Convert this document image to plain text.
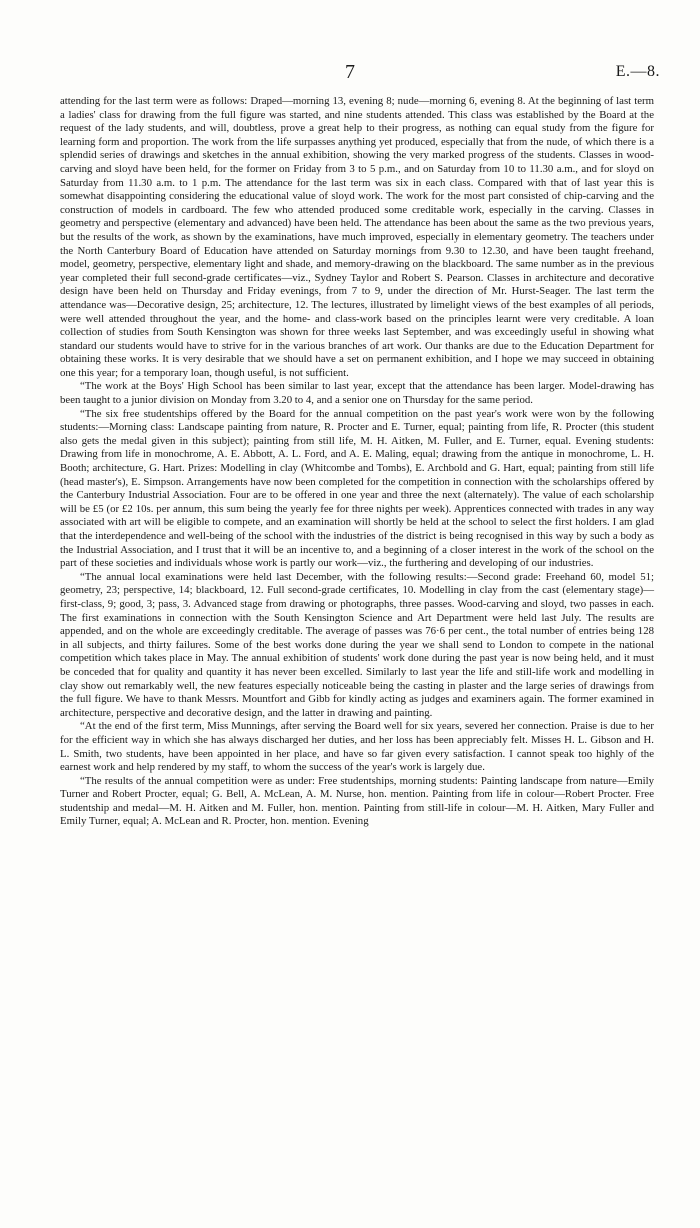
7	E.—8.

attending for the last term were as follows: Draped—morning 13, evening 8; nude—morning 6, evening 8. At the beginning of last term a ladies' class for drawing from the full figure was started, and nine students attended. This class was established by the Board at the request of the lady students, and will, doubtless, prove a great help to their progress, as nothing can equal study from the figure for learning form and proportion. The work from the life surpasses anything yet produced, especially that from the nude, of which there is a splendid series of drawings and sketches in the annual exhibition, showing the very marked progress of the students. Classes in wood-carving and sloyd have been held, for the former on Friday from 3 to 5 p.m., and on Saturday from 10 to 11.30 a.m., and for sloyd on Saturday from 11.30 a.m. to 1 p.m. The attendance for the last term was six in each class. Compared with that of last year this is somewhat disappointing considering the educational value of sloyd work. The work for the most part consisted of chip-carving and the construction of models in cardboard. The few who attended produced some creditable work, especially in the carving. Classes in geometry and perspective (elementary and advanced) have been held. The attendance has been about the same as the two previous years, but the results of the work, as shown by the examinations, have much improved, especially in elementary geometry. The teachers under the North Canterbury Board of Education have attended on Saturday mornings from 9.30 to 12.30, and have been taught freehand, model, geometry, perspective, elementary light and shade, and memory-drawing on the blackboard. The same number as in the previous year completed their full second-grade certificates—viz., Sydney Taylor and Robert S. Pearson. Classes in architecture and decorative design have been held on Thursday and Friday evenings, from 7 to 9, under the direction of Mr. Hurst-Seager. The last term the attendance was—Decorative design, 25; architecture, 12. The lectures, illustrated by limelight views of the best examples of all periods, were well attended throughout the year, and the home- and class-work based on the principles learnt were very creditable. A loan collection of studies from South Kensington was shown for three weeks last September, and was exceedingly useful in showing what standard our students would have to strive for in the various branches of art work. Our thanks are due to the Education Department for obtaining these works. It is very desirable that we should have a set on permanent exhibition, and I hope we may succeed in obtaining one this year; for a temporary loan, though useful, is not sufficient.

“The work at the Boys' High School has been similar to last year, except that the attendance has been larger. Model-drawing has been taught to a junior division on Monday from 3.20 to 4, and a senior one on Thursday for the same period.

“The six free studentships offered by the Board for the annual competition on the past year's work were won by the following students:—Morning class: Landscape painting from nature, R. Procter and E. Turner, equal; painting from life, R. Procter (this student also gets the medal given in this subject); painting from still life, M. H. Aitken, M. Fuller, and E. Turner, equal. Evening students: Drawing from life in monochrome, A. E. Abbott, A. L. Ford, and A. E. Maling, equal; drawing from the antique in monochrome, L. H. Booth; architecture, G. Hart. Prizes: Modelling in clay (Whitcombe and Tombs), E. Archbold and G. Hart, equal; painting from still life (head master's), E. Simpson. Arrangements have now been completed for the competition in connection with the scholarships offered by the Canterbury Industrial Association. Four are to be offered in one year and three the next (alternately). The value of each scholarship will be £5 (or £2 10s. per annum, this sum being the yearly fee for three nights per week). Apprentices connected with trades in any way associated with art will be eligible to compete, and an examination will shortly be held at the school to select the first holders. I am glad that the interdependence and well-being of the school with the industries of the district is being recognised in this way by such a body as the Industrial Association, and I trust that it will be an incentive to, and a beginning of a closer interest in the work of the school on the part of these societies and individuals whose work is partly our work—viz., the furthering and developing of our industries.

“The annual local examinations were held last December, with the following results:—Second grade: Freehand 60, model 51; geometry, 23; perspective, 14; blackboard, 12. Full second-grade certificates, 10. Modelling in clay from the cast (elementary stage)—first-class, 9; good, 3; pass, 3. Advanced stage from drawing or photographs, three passes. Wood-carving and sloyd, two passes in each. The first examinations in connection with the South Kensington Science and Art Department were held last July. The results are appended, and on the whole are exceedingly creditable. The average of passes was 76·6 per cent., the total number of entries being 128 in all subjects, and thirty failures. Some of the best works done during the year we shall send to London to compete in the national competition which takes place in May. The annual exhibition of students' work done during the past year is now being held, and it must be conceded that for quality and quantity it has never been excelled. Similarly to last year the life and still-life work and modelling in clay show out remarkably well, the new features especially noticeable being the casting in plaster and the large series of drawings from the full figure. We have to thank Messrs. Mountfort and Gibb for kindly acting as judges and examiners again. The former examined in architecture, perspective and decorative design, and the latter in drawing and painting.

“At the end of the first term, Miss Munnings, after serving the Board well for six years, severed her connection. Praise is due to her for the efficient way in which she has always discharged her duties, and her loss has been appreciably felt. Misses H. L. Gibson and H. L. Smith, two students, have been appointed in her place, and have so far given every satisfaction. I cannot speak too highly of the earnest work and help rendered by my staff, to whom the success of the year's work is largely due.

“The results of the annual competition were as under: Free studentships, morning students: Painting landscape from nature—Emily Turner and Robert Procter, equal; G. Bell, A. McLean, A. M. Nurse, hon. mention. Painting from life in colour—Robert Procter. Free studentship and medal—M. H. Aitken and M. Fuller, hon. mention. Painting from still-life in colour—M. H. Aitken, Mary Fuller and Emily Turner, equal; A. McLean and R. Procter, hon. mention. Evening
